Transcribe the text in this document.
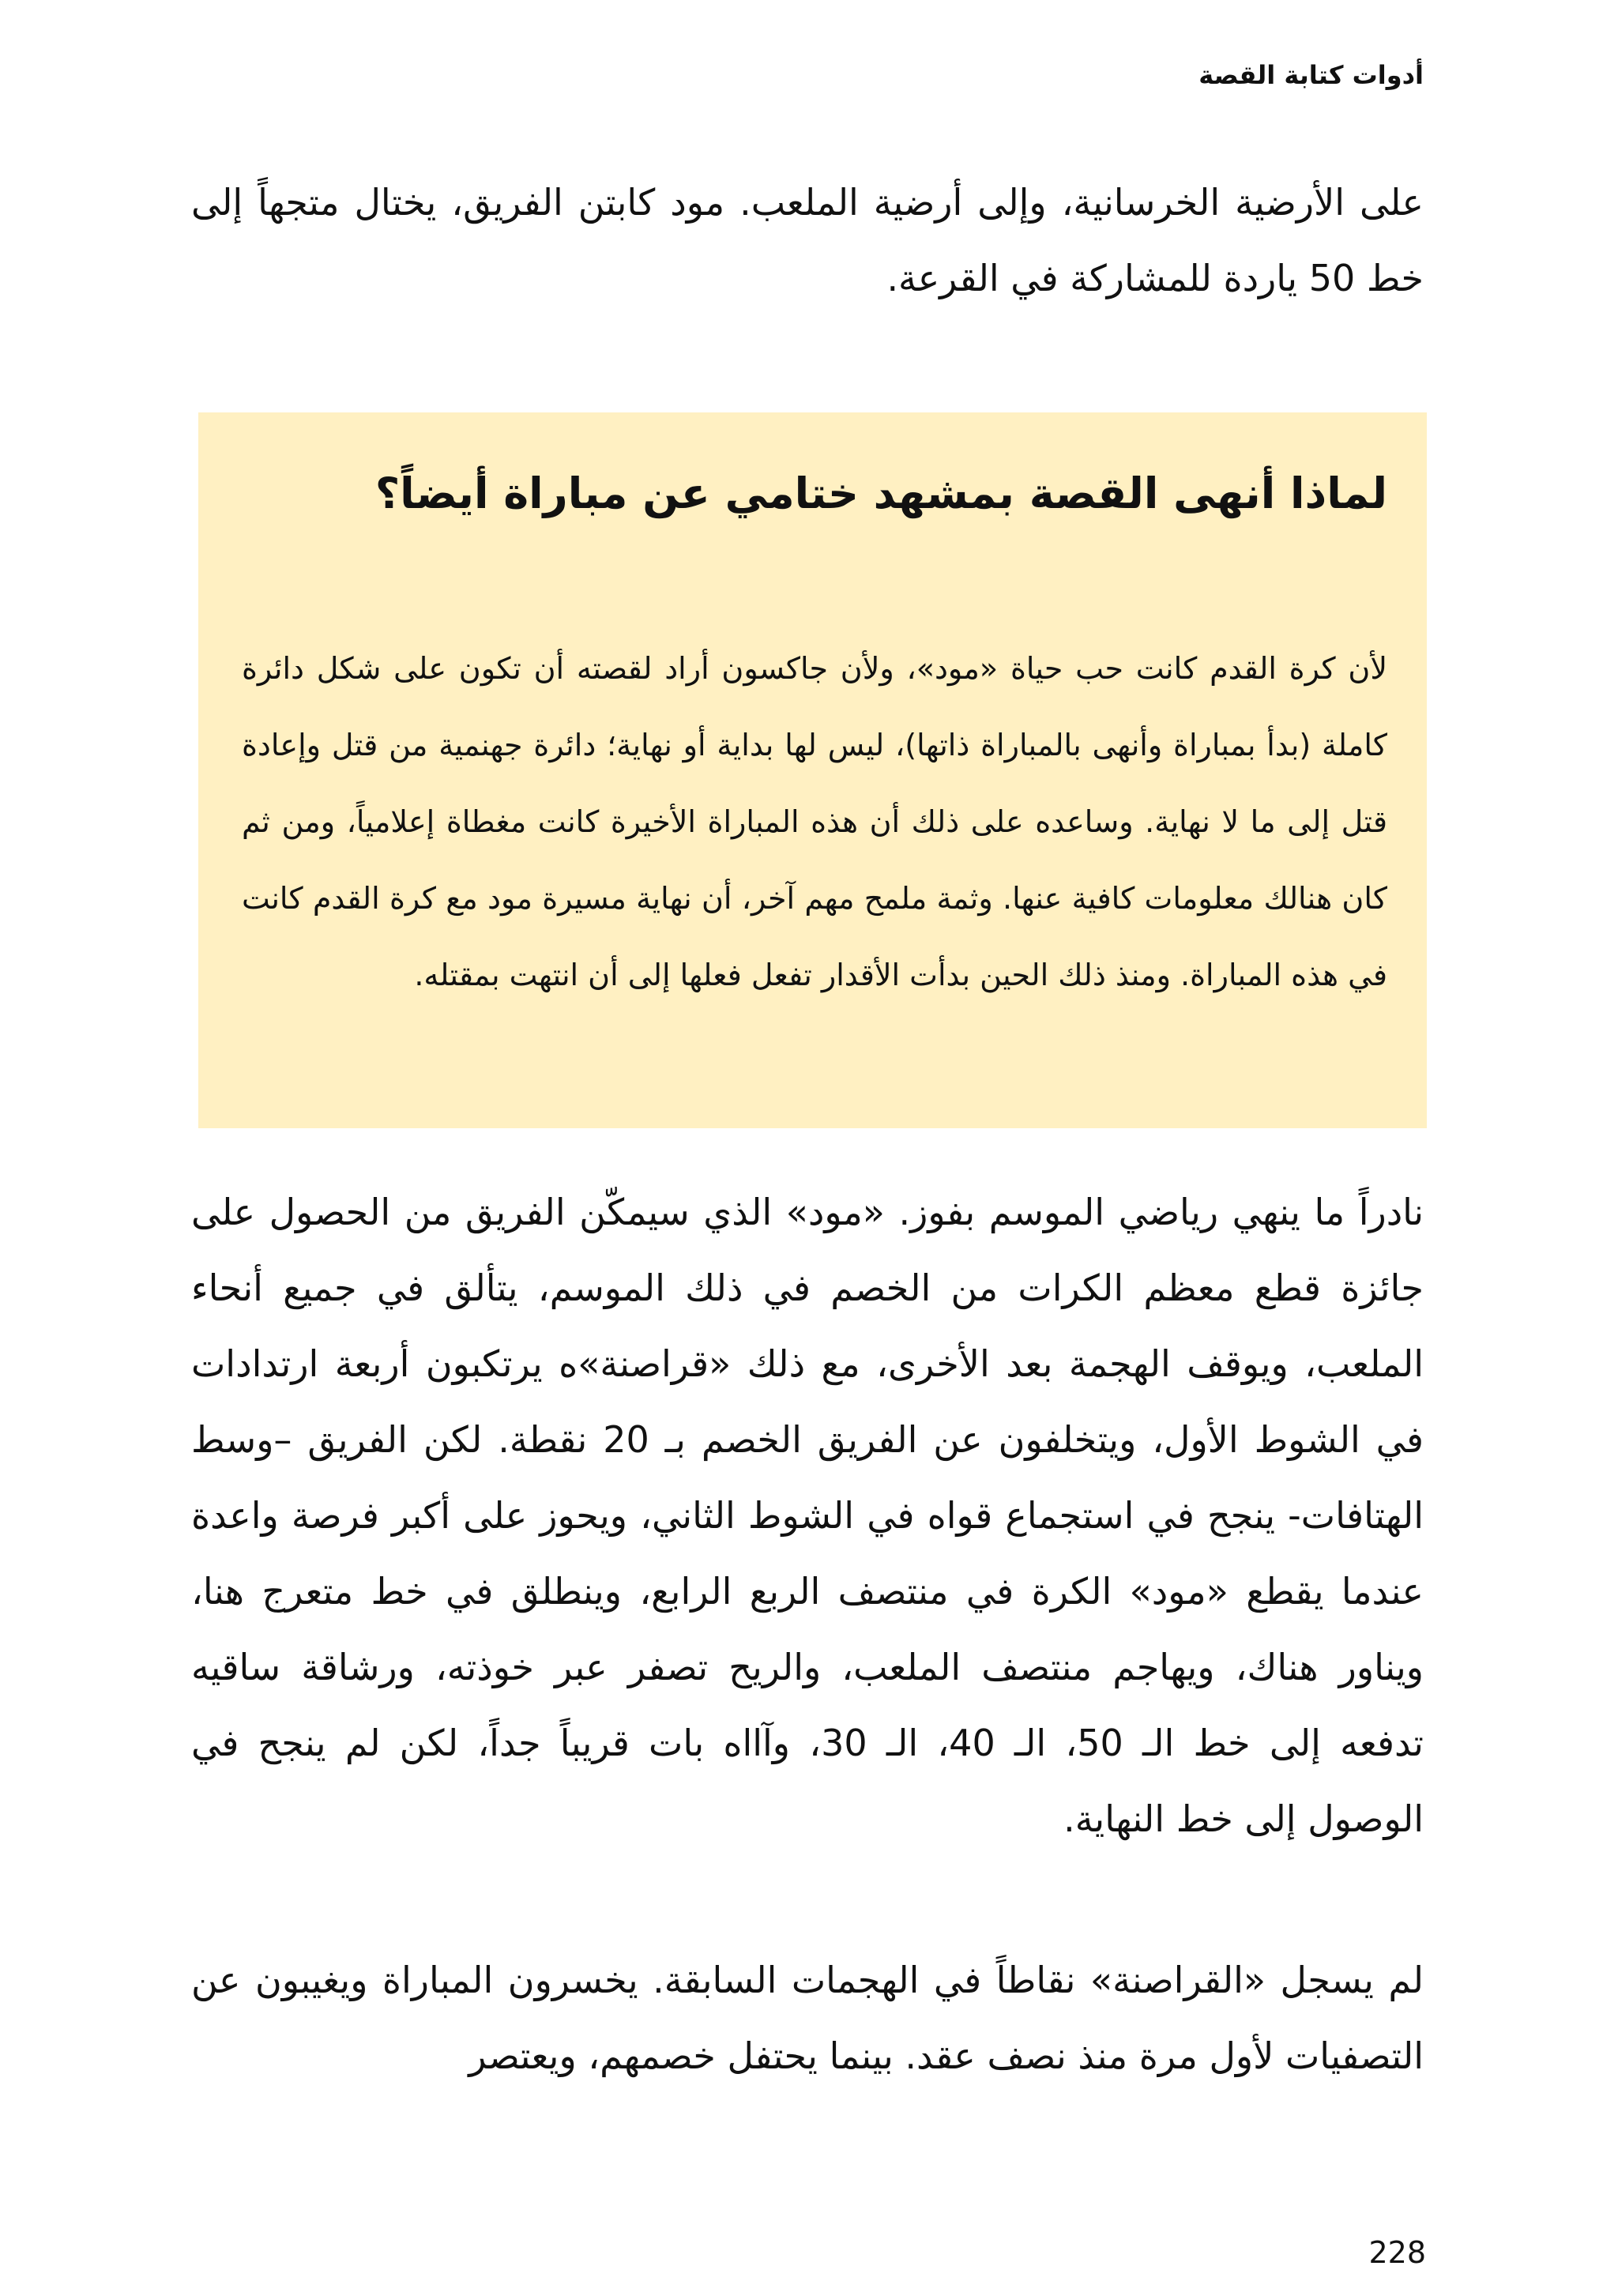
أدوات كتابة القصة

على الأرضية الخرسانية، وإلى أرضية الملعب. مود كابتن الفريق، يختال متجهاً إلى خط 50 ياردة للمشاركة في القرعة.

لماذا أنهى القصة بمشهد ختامي عن مباراة أيضاً؟

لأن كرة القدم كانت حب حياة «مود»، ولأن جاكسون أراد لقصته أن تكون على شكل دائرة كاملة (بدأ بمباراة وأنهى بالمباراة ذاتها)، ليس لها بداية أو نهاية؛ دائرة جهنمية من قتل وإعادة قتل إلى ما لا نهاية. وساعده على ذلك أن هذه المباراة الأخيرة كانت مغطاة إعلامياً، ومن ثم كان هنالك معلومات كافية عنها. وثمة ملمح مهم آخر، أن نهاية مسيرة مود مع كرة القدم كانت في هذه المباراة. ومنذ ذلك الحين بدأت الأقدار تفعل فعلها إلى أن انتهت بمقتله.

نادراً ما ينهي رياضي الموسم بفوز. «مود» الذي سيمكّن الفريق من الحصول على جائزة قطع معظم الكرات من الخصم في ذلك الموسم، يتألق في جميع أنحاء الملعب، ويوقف الهجمة بعد الأخرى، مع ذلك «قراصنة»ه يرتكبون أربعة ارتدادات في الشوط الأول، ويتخلفون عن الفريق الخصم بـ 20 نقطة. لكن الفريق –وسط الهتافات- ينجح في استجماع قواه في الشوط الثاني، ويحوز على أكبر فرصة واعدة عندما يقطع «مود» الكرة في منتصف الربع الرابع، وينطلق في خط متعرج هنا، ويناور هناك، ويهاجم منتصف الملعب، والريح تصفر عبر خوذته، ورشاقة ساقيه تدفعه إلى خط الـ 50، الـ 40، الـ 30، وآااه بات قريباً جداً، لكن لم ينجح في الوصول إلى خط النهاية.

لم يسجل «القراصنة» نقاطاً في الهجمات السابقة. يخسرون المباراة ويغيبون عن التصفيات لأول مرة منذ نصف عقد. بينما يحتفل خصمهم، ويعتصر

228
